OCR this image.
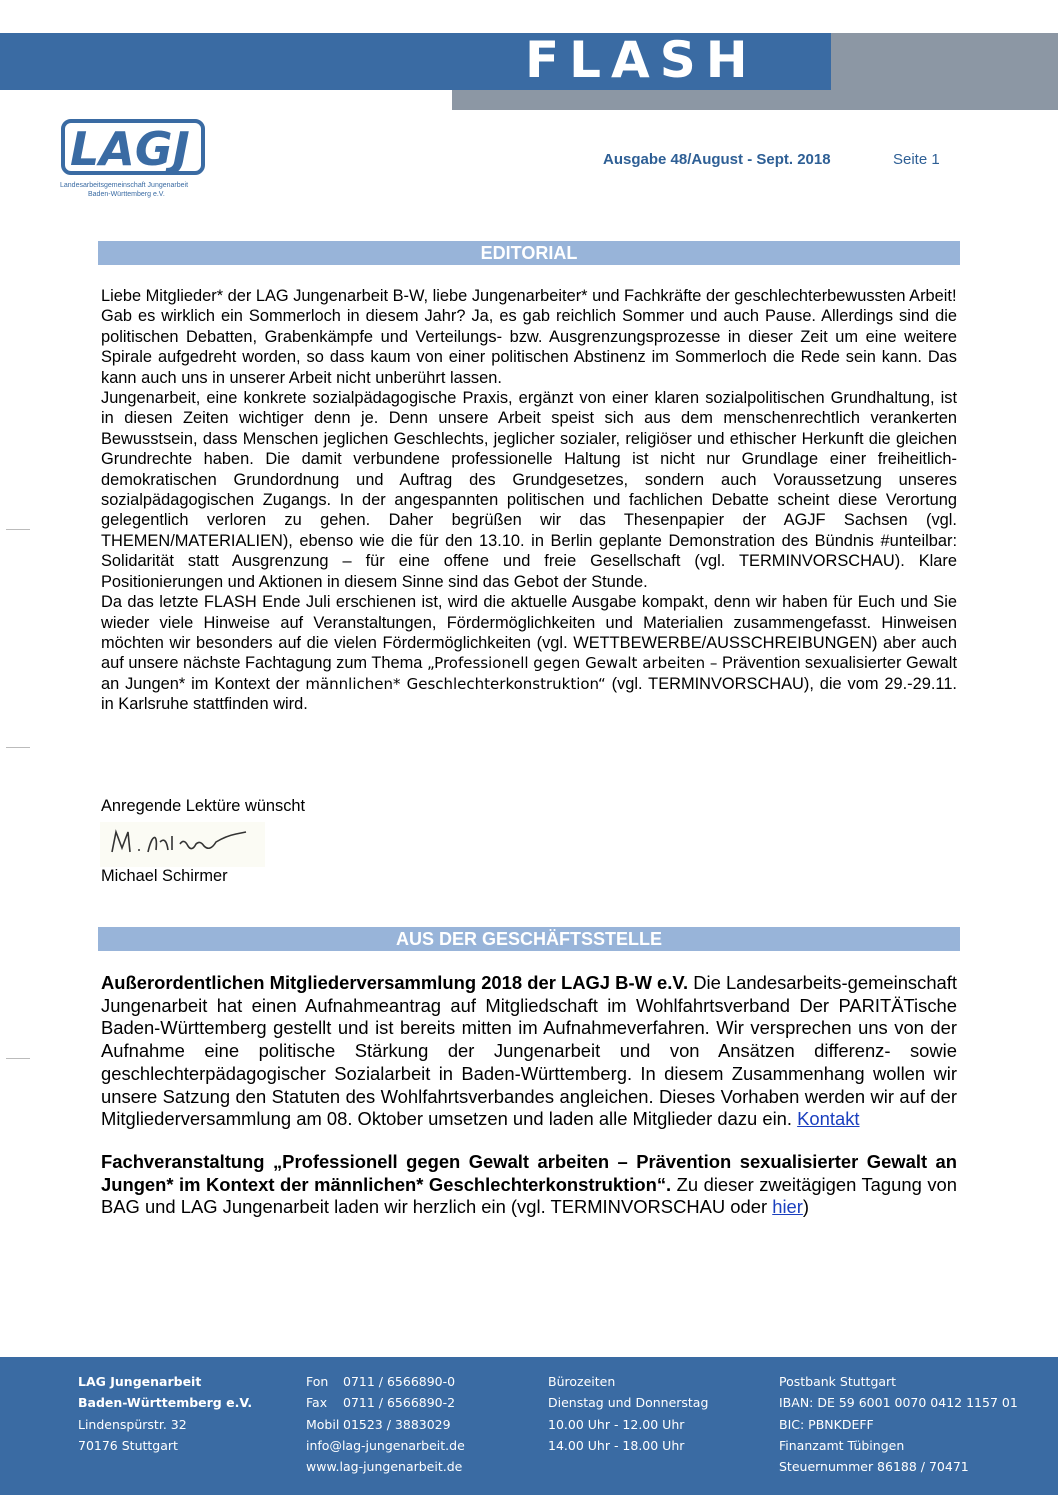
FLASH
LAGJ
Landesarbeitsgemeinschaft Jungenarbeit
Baden-Württemberg e.V.
Ausgabe 48/August - Sept. 2018	Seite 1
EDITORIAL

Liebe Mitglieder* der LAG Jungenarbeit B-W, liebe Jungenarbeiter* und Fachkräfte der geschlechterbewussten Arbeit!

Gab es wirklich ein Sommerloch in diesem Jahr? Ja, es gab reichlich Sommer und auch Pause. Allerdings sind die politischen Debatten, Grabenkämpfe und Verteilungs- bzw. Ausgrenzungsprozesse in dieser Zeit um eine weitere Spirale aufgedreht worden, so dass kaum von einer politischen Abstinenz im Sommerloch die Rede sein kann. Das kann auch uns in unserer Arbeit nicht unberührt lassen.

Jungenarbeit, eine konkrete sozialpädagogische Praxis, ergänzt von einer klaren sozialpolitischen Grundhaltung, ist in diesen Zeiten wichtiger denn je. Denn unsere Arbeit speist sich aus dem menschenrechtlich verankerten Bewusstsein, dass Menschen jeglichen Geschlechts, jeglicher sozialer, religiöser und ethischer Herkunft die gleichen Grundrechte haben. Die damit verbundene professionelle Haltung ist nicht nur Grundlage einer freiheitlich-demokratischen Grundordnung und Auftrag des Grundgesetzes, sondern auch Voraussetzung unseres sozialpädagogischen Zugangs. In der angespannten politischen und fachlichen Debatte scheint diese Verortung gelegentlich verloren zu gehen. Daher begrüßen wir das Thesenpapier der AGJF Sachsen (vgl. THEMEN/MATERIALIEN), ebenso wie die für den 13.10. in Berlin geplante Demonstration des Bündnis #unteilbar: Solidarität statt Ausgrenzung – für eine offene und freie Gesellschaft (vgl. TERMINVORSCHAU). Klare Positionierungen und Aktionen in diesem Sinne sind das Gebot der Stunde.

Da das letzte FLASH Ende Juli erschienen ist, wird die aktuelle Ausgabe kompakt, denn wir haben für Euch und Sie wieder viele Hinweise auf Veranstaltungen, Fördermöglichkeiten und Materialien zusammengefasst. Hinweisen möchten wir besonders auf die vielen Fördermöglichkeiten (vgl. WETTBEWERBE/AUSSCHREIBUNGEN) aber auch auf unsere nächste Fachtagung zum Thema „Professionell gegen Gewalt arbeiten – Prävention sexualisierter Gewalt an Jungen* im Kontext der männlichen* Geschlechterkonstruktion“ (vgl. TERMINVORSCHAU), die vom 29.-29.11. in Karlsruhe stattfinden wird.

Anregende Lektüre wünscht
Michael Schirmer
AUS DER GESCHÄFTSSTELLE

Außerordentlichen Mitgliederversammlung 2018 der LAGJ B-W e.V. Die Landesarbeits-gemeinschaft Jungenarbeit hat einen Aufnahmeantrag auf Mitgliedschaft im Wohlfahrtsverband Der PARITÄTische Baden-Württemberg gestellt und ist bereits mitten im Aufnahmeverfahren. Wir versprechen uns von der Aufnahme eine politische Stärkung der Jungenarbeit und von Ansätzen differenz- sowie geschlechterpädagogischer Sozialarbeit in Baden-Württemberg. In diesem Zusammenhang wollen wir unsere Satzung den Statuten des Wohlfahrtsverbandes angleichen. Dieses Vorhaben werden wir auf der Mitgliederversammlung am 08. Oktober umsetzen und laden alle Mitglieder dazu ein. Kontakt

Fachveranstaltung „Professionell gegen Gewalt arbeiten – Prävention sexualisierter Gewalt an Jungen* im Kontext der männlichen* Geschlechterkonstruktion“. Zu dieser zweitägigen Tagung von BAG und LAG Jungenarbeit laden wir herzlich ein (vgl. TERMINVORSCHAU oder hier)

LAG Jungenarbeit
Baden-Württemberg e.V.
Lindenspürstr. 32
70176 Stuttgart
Fon
Fax
Mobil
info@lag-jungenarbeit.de
www.lag-jungenarbeit.de
0711 / 6566890-0
0711 / 6566890-2
01523 / 3883029
Bürozeiten
Dienstag und Donnerstag
10.00 Uhr - 12.00 Uhr
14.00 Uhr - 18.00 Uhr
Postbank Stuttgart
IBAN: DE 59 6001 0070 0412 1157 01
BIC: PBNKDEFF
Finanzamt Tübingen
Steuernummer 86188 / 70471
